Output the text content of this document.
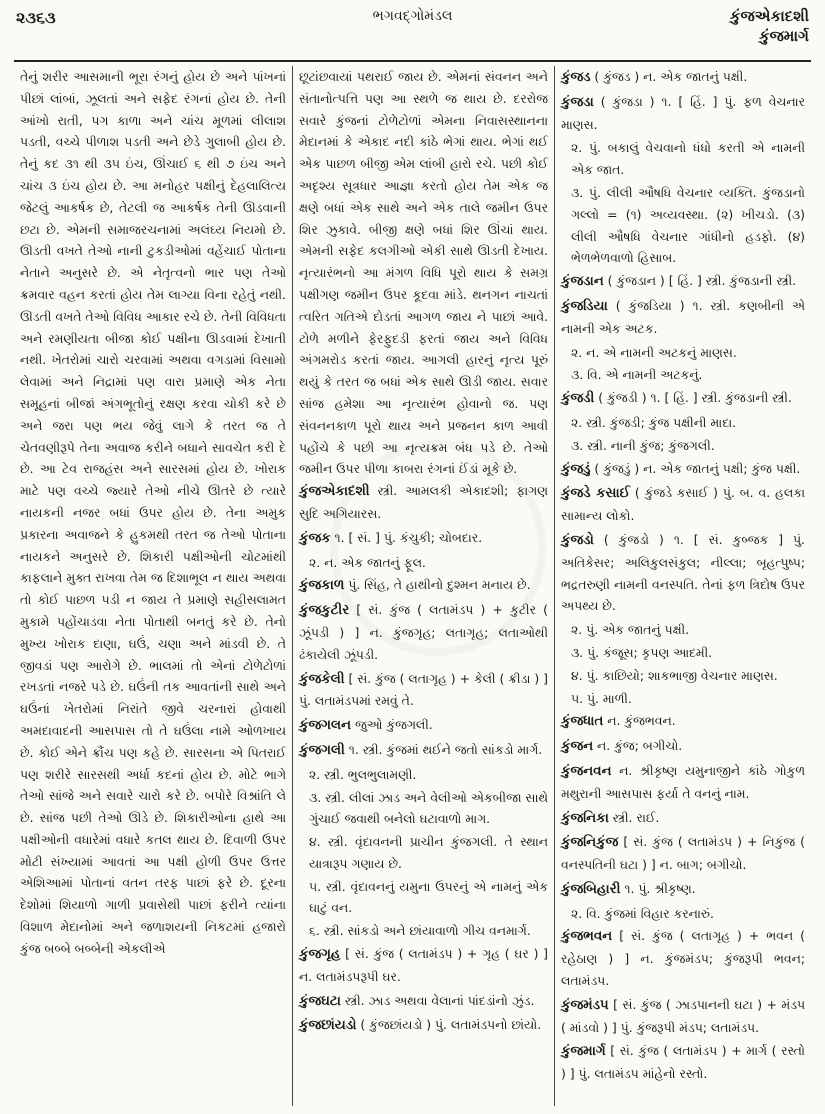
૨૩૬૩	ભગવદ્ગોમંડલ	કુંજએકાદશી
કુંજમાર્ગ

તેનું શરીર આસમાની ભૂરા રંગનું હોય છે અને પાંખનાં પીછાં લાંબાં, ઝૂલતાં અને સફેદ રંગનાં હોય છે. તેની આંખો રાતી, પગ કાળા અને ચાંચ મૂળમાં લીલાશ પડતી, વચ્ચે પીળાશ પડતી અને છેડે ગુલાબી હોય છે. તેનું કદ ૩૧ થી ૩૫ ઇંચ, ઊંચાઈ ૬ થી ૭ ઇંચ અને ચાંચ ૩ ઇંચ હોય છે. આ મનોહર પક્ષીનું દેહલાલિત્ય જેટલું આકર્ષક છે, તેટલી જ આકર્ષક તેની ઊડવાની છટા છે. એમની સમાજરચનામાં અલંઘ્ય નિયમો છે. ઊડતી વખતે તેઓ નાની ટુકડીઓમાં વહેંચાઈ પોતાના નેતાને અનુસરે છે. એ નેતૃત્વનો ભાર પણ તેઓ ક્રમવાર વહન કરતાં હોય તેમ લાગ્યા વિના રહેતું નથી. ઊડતી વખતે તેઓ વિવિધ આકાર રચે છે. તેની વિવિધતા અને રમણીયતા બીજા કોઈ પક્ષીના ઊડવામાં દેખાતી નથી. ખેતરોમાં ચારો ચરવામાં અથવા વગડામાં વિસામો લેવામાં અને નિદ્રામાં પણ વારા પ્રમાણે એક નેતા સમૂહનાં બીજાં અંગભૂતોનું રક્ષણ કરવા ચોકી કરે છે અને જરા પણ ભય જેવું લાગે કે તરત જ તે ચેતવણીરૂપે તેના અવાજ કરીને બધાને સાવચેત કરી દે છે. આ ટેવ રાજહંસ અને સારસમાં હોય છે. ખોરાક માટે પણ વચ્ચે જ્યારે તેઓ નીચે ઊતરે છે ત્યારે નાયકની નજર બધાં ઉપર હોય છે. તેના અમુક પ્રકારના અવાજને કે હુકમથી તરત જ તેઓ પોતાના નાયકને અનુસરે છે. શિકારી પક્ષીઓની ચોટમાંથી કાફલાને મુક્ત રાખવા તેમ જ દિશાભૂલ ન થાય અથવા તો કોઈ પાછળ પડી ન જાય તે પ્રમાણે સહીસલામત મુકામે પહોંચાડવા નેતા પોતાથી બનતું કરે છે. તેનો મુખ્ય ખોરાક દાણા, ઘઉં, ચણા અને માંડવી છે. તે જીવડાં પણ આરોગે છે. ભાલમાં તો એનાં ટોળેટોળાં રખડતાં નજરે પડે છે. ઘઉંની તક આવતાંની સાથે અને ઘઉંનાં ખેતરોમાં નિરાંતે જીવે ચરનારાં હોવાથી અમદાવાદની આસપાસ તો તે ઘઉંલા નામે ઓળખાય છે. કોઈ એને ક્રૌંચ પણ કહે છે. સારસના એ પિતરાઈ પણ શરીરે સારસથી અર્ધા કદનાં હોય છે. મોટે ભાગે તેઓ સાંજે અને સવારે ચારો કરે છે. બપોરે વિશ્રાંતિ લે છે. સાંજ પછી તેઓ ઊડે છે. શિકારીઓના હાથે આ પક્ષીઓની વધારેમાં વધારે કતલ થાય છે. દિવાળી ઉપર મોટી સંખ્યામાં આવતાં આ પક્ષી હોળી ઉપર ઉત્તર એશિઆમાં પોતાનાં વતન તરફ પાછાં ફરે છે. દૂરના દેશોમાં શિયાળો ગાળી પ્રવાસેથી પાછાં ફરીને ત્યાંના વિશાળ મેદાનોમાં અને જળાશયની નિકટમાં હજારો કુંજ બબ્બે બબ્બેની એકલીએ

છૂટાંછવાયાં પથરાઈ જાય છે. એમનાં સંવનન અને સંતાનોત્પત્તિ પણ આ સ્થળે જ થાય છે. દરરોજ સવારે કુંજનાં ટોળેટોળાં એમના નિવાસસ્થાનના મેદાનમાં કે એકાદ નદી કાંઠે ભેગાં થાય. ભેગાં થઈ એક પાછળ બીજી એમ લાંબી હારો રચે. પછી કોઈ અદૃશ્ય સૂત્રધાર આજ્ઞા કરતો હોય તેમ એક જ ક્ષણે બધાં એક સાથે અને એક તાલે જમીન ઉપર શિર ઝુકાવે. બીજી ક્ષણે બધાં શિર ઊંચાં થાય. એમની સફેદ કલગીઓ એકી સાથે ઊડતી દેખાય. નૃત્યારંભનો આ મંગળ વિધિ પૂરો થાય કે સમગ્ર પક્ષીગણ જમીન ઉપર કૂદવા માંડે. થનગન નાચતાં ત્વરિત ગતિએ દોડતાં આગળ જાય ને પાછાં આવે. ટોળે મળીને ફેરફુદડી ફરતાં જાય અને વિવિધ અંગમરોડ કરતાં જાય. આગલી હારનું નૃત્ય પૂરું થયું કે તરત જ બધાં એક સાથે ઊડી જાય. સવાર સાંજ હમેશા આ નૃત્યારંભ હોવાનો જ. પણ સંવનનકાળ પૂરો થાય અને પ્રજનન કાળ આવી પહોંચે કે પછી આ નૃત્યક્રમ બંધ પડે છે. તેઓ જમીન ઉપર પીળા કાબરા રંગનાં ઈંડાં મૂકે છે.

કુંજએકાદશી સ્ત્રી. આમલકી એકાદશી; ફાગણ સુદિ અગિયારસ.
કુંજક ૧. [ સં. ] પું. કંચુકી; ચોબદાર.
૨. ન. એક જાતનું ફૂલ.
કુંજકાળ પું. સિંહ, તે હાથીનો દુશ્મન મનાય છે.
કુંજકુટીર [ સં. કુંજ ( લતામંડપ ) + કુટીર ( ઝૂંપડી ) ] ન. કુંજગૃહ; લતાગૃહ; લતાઓથી ઢંકાયેલી ઝૂંપડી.
કુંજકેલી [ સં. કુંજ ( લતાગૃહ ) + કેલી ( ક્રીડા ) ] પું. લતામંડપમાં રમવું તે.
કુંજગલન જુઓ કુંજગલી.
કુંજગલી ૧. સ્ત્રી. કુંજમાં થઈને જતો સાંકડો માર્ગ.
૨. સ્ત્રી. ભુલભુલામણી.
૩. સ્ત્રી. લીલાં ઝાડ અને વેલીઓ એકબીજા સાથે ગુંચાઈ જવાથી બનેલો ઘટાવાળો માગ.
૪. સ્ત્રી. વૃંદાવનની પ્રાચીન કુંજગલી. તે સ્થાન યાત્રારૂપ ગણાય છે.
૫. સ્ત્રી. વૃંદાવનનું યમુના ઉપરનું એ નામનું એક ઘાટું વન.
૬. સ્ત્રી. સાંકડો અને છાંયાવાળો ગીચ વનમાર્ગ.
કુંજગૃહ [ સં. કુંજ ( લતામંડપ ) + ગૃહ ( ઘર ) ] ન. લતામંડપરૂપી ઘર.
કુંજઘટા સ્ત્રી. ઝાડ અથવા વેલાનાં પાંદડાંનો ઝુંડ.
કુંજછાંયડો ( કુંજછાંયડો ) પું. લતામંડપનો છાંયો.
કુંજડ ( કુંજડ ) ન. એક જાતનું પક્ષી.
કુંજડા ( કુંજડા ) ૧. [ હિં. ] પું. ફળ વેચનાર માણસ.
૨. પું. બકાલું વેચવાનો ધંધો કરતી એ નામની એક જાત.
૩. પું. લીલી ઔષધિ વેચનાર વ્યક્તિ. કુંજડાનો ગલ્લો = (૧) અવ્યવસ્થા. (૨) ખીચડો. (૩) લીલી ઔષધિ વેચનાર ગાંધીનો હડફો. (૪) ભેળભેળવાળો હિસાબ.
કુંજડાન ( કુંજડાન ) [ હિં. ] સ્ત્રી. કુંજડાની સ્ત્રી.
કુંજડિયા ( કુંજડિયા ) ૧. સ્ત્રી. કણબીની એ નામની એક અટક.
૨. ન. એ નામની અટકનું માણસ.
૩. વિ. એ નામની અટકનું.
કુંજડી ( કુંજડી ) ૧. [ હિં. ] સ્ત્રી. કુંજડાની સ્ત્રી.
૨. સ્ત્રી. કુંજડી; કુંજ પક્ષીની માદા.
૩. સ્ત્રી. નાની કુંજ; કુંજગલી.
કુંજડું ( કુંજડું ) ન. એક જાતનું પક્ષી; કુંજ પક્ષી.
કુંજડે કસાઈ ( કુંજડે કસાઈ ) પું. બ. વ. હલકા સામાન્ય લોકો.
કુંજડો ( કુંજડો ) ૧. [ સં. કુબ્જક ] પું. અતિકેસર; અલિકુલસંકુલ; નીલ્લા; બૃહત્પુષ્પ; ભદ્રતરુણી નામની વનસ્પતિ. તેનાં ફળ ત્રિદોષ ઉપર અપથ્ય છે.
૨. પું. એક જાતનું પક્ષી.
૩. પું. કંજૂસ; કૃપણ આદમી.
૪. પું. કાછિયો; શાકભાજી વેચનાર માણસ.
૫. પું. માળી.
કુંજધાત ન. કુંજભવન.
કુંજન ન. કુંજ; બગીચો.
કુંજનવન ન. શ્રીકૃષ્ણ યમુનાજીને કાંઠે ગોકુળ મથુરાની આસપાસ ફર્યા તે વનનું નામ.
કુંજનિકા સ્ત્રી. રાઈ.
કુંજનિકુંજ [ સં. કુંજ ( લતામંડપ ) + નિકુંજ ( વનસ્પતિની ઘટા ) ] ન. બાગ; બગીચો.
કુંજબિહારી ૧. પું. શ્રીકૃષ્ણ.
૨. વિ. કુંજમાં વિહાર કરનારું.
કુંજભવન [ સં. કુંજ ( લતાગૃહ ) + ભવન ( રહેઠાણ ) ] ન. કુંજમંડપ; કુંજરૂપી ભવન; લતામંડપ.
કુંજમંડપ [ સં. કુંજ ( ઝાડપાનની ઘટા ) + મંડપ ( માંડવો ) ] પું. કુંજરૂપી મંડપ; લતામંડપ.
કુંજમાર્ગ [ સં. કુંજ ( લતામંડપ ) + માર્ગ ( રસ્તો ) ] પું. લતામંડપ માંહેનો રસ્તો.
